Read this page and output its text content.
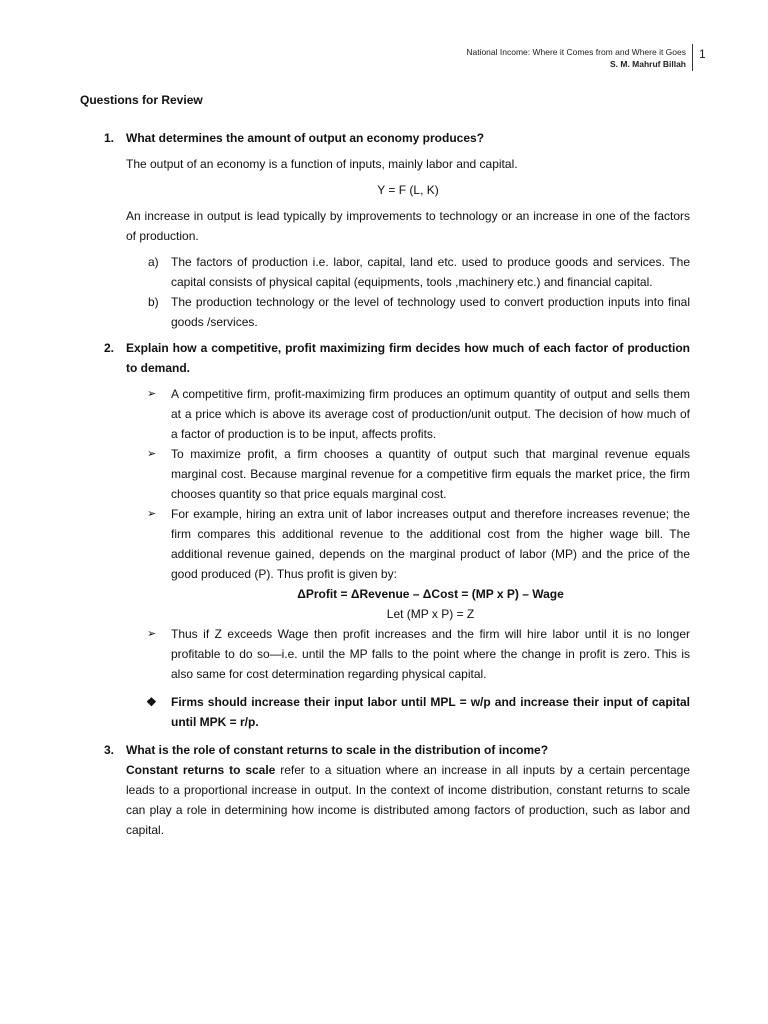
National Income: Where it Comes from and Where it Goes
S. M. Mahruf Billah
1
Questions for Review
1. What determines the amount of output an economy produces?

The output of an economy is a function of inputs, mainly labor and capital.

Y = F (L, K)

An increase in output is lead typically by improvements to technology or an increase in one of the factors of production.

a) The factors of production i.e. labor, capital, land etc. used to produce goods and services. The capital consists of physical capital (equipments, tools ,machinery etc.) and financial capital.
b) The production technology or the level of technology used to convert production inputs into final goods /services.
2. Explain how a competitive, profit maximizing firm decides how much of each factor of production to demand.
➢ A competitive firm, profit-maximizing firm produces an optimum quantity of output and sells them at a price which is above its average cost of production/unit output. The decision of how much of a factor of production is to be input, affects profits.
➢ To maximize profit, a firm chooses a quantity of output such that marginal revenue equals marginal cost. Because marginal revenue for a competitive firm equals the market price, the firm chooses quantity so that price equals marginal cost.
➢ For example, hiring an extra unit of labor increases output and therefore increases revenue; the firm compares this additional revenue to the additional cost from the higher wage bill. The additional revenue gained, depends on the marginal product of labor (MP) and the price of the good produced (P). Thus profit is given by:
ΔProfit = ΔRevenue – ΔCost = (MP x P) – Wage
Let (MP x P) = Z
➢ Thus if Z exceeds Wage then profit increases and the firm will hire labor until it is no longer profitable to do so—i.e. until the MP falls to the point where the change in profit is zero. This is also same for cost determination regarding physical capital.
❖ Firms should increase their input labor until MPL = w/p and increase their input of capital until MPK = r/p.
3. What is the role of constant returns to scale in the distribution of income?

Constant returns to scale refer to a situation where an increase in all inputs by a certain percentage leads to a proportional increase in output. In the context of income distribution, constant returns to scale can play a role in determining how income is distributed among factors of production, such as labor and capital.
